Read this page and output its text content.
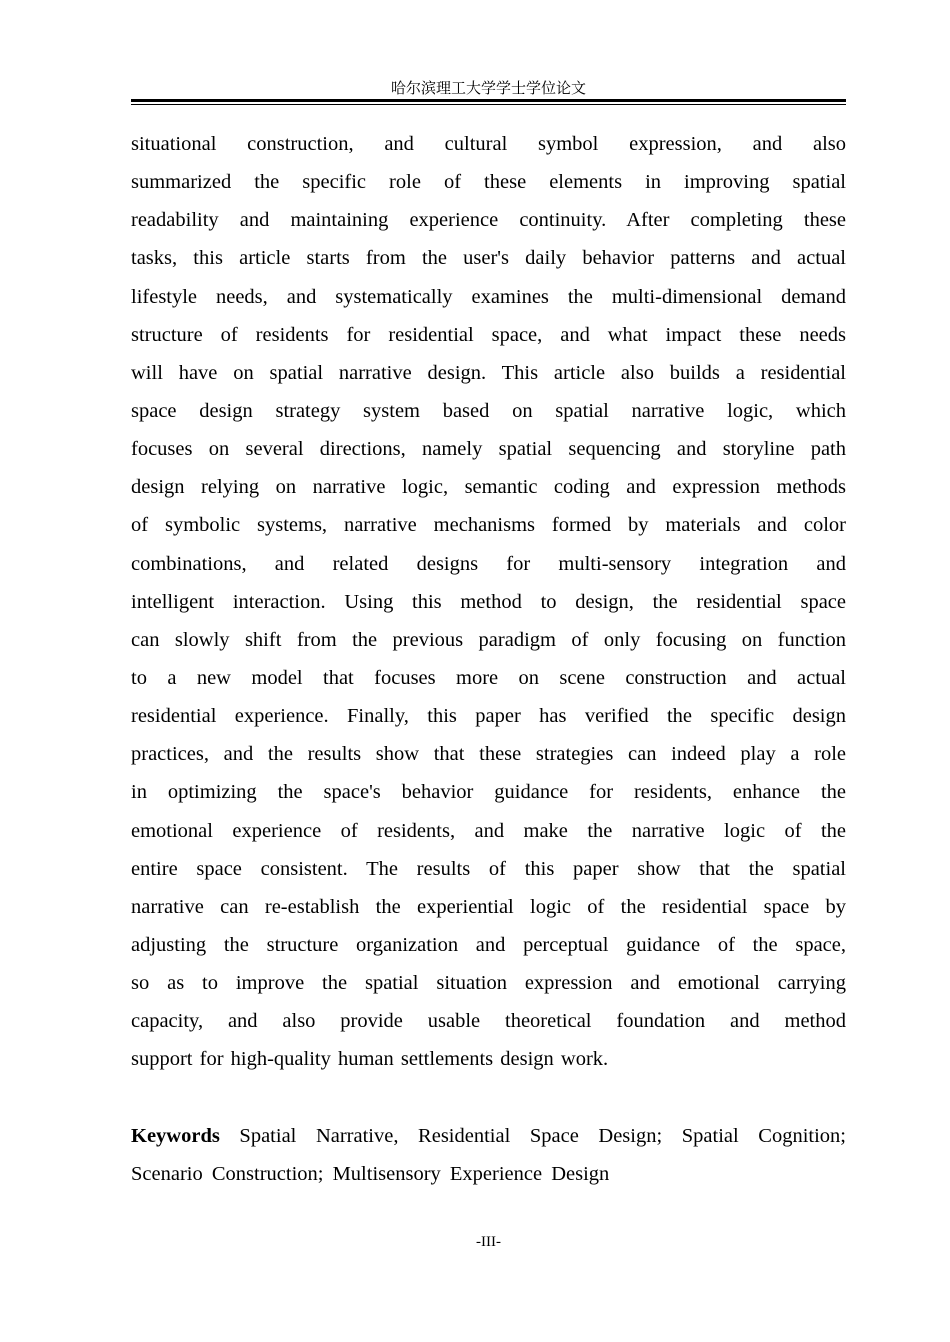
哈尔滨理工大学学士学位论文
situational construction, and cultural symbol expression, and also
summarized the specific role of these elements in improving spatial
readability and maintaining experience continuity. After completing these
tasks, this article starts from the user's daily behavior patterns and actual
lifestyle needs, and systematically examines the multi-dimensional demand
structure of residents for residential space, and what impact these needs
will have on spatial narrative design. This article also builds a residential
space design strategy system based on spatial narrative logic, which
focuses on several directions, namely spatial sequencing and storyline path
design relying on narrative logic, semantic coding and expression methods
of symbolic systems, narrative mechanisms formed by materials and color
combinations, and related designs for multi-sensory integration and
intelligent interaction. Using this method to design, the residential space
can slowly shift from the previous paradigm of only focusing on function
to a new model that focuses more on scene construction and actual
residential experience. Finally, this paper has verified the specific design
practices, and the results show that these strategies can indeed play a role
in optimizing the space's behavior guidance for residents, enhance the
emotional experience of residents, and make the narrative logic of the
entire space consistent. The results of this paper show that the spatial
narrative can re-establish the experiential logic of the residential space by
adjusting the structure organization and perceptual guidance of the space,
so as to improve the spatial situation expression and emotional carrying
capacity, and also provide usable theoretical foundation and method
support for high-quality human settlements design work.
Keywords Spatial Narrative, Residential Space Design; Spatial Cognition;
Scenario Construction; Multisensory Experience Design
-III-
